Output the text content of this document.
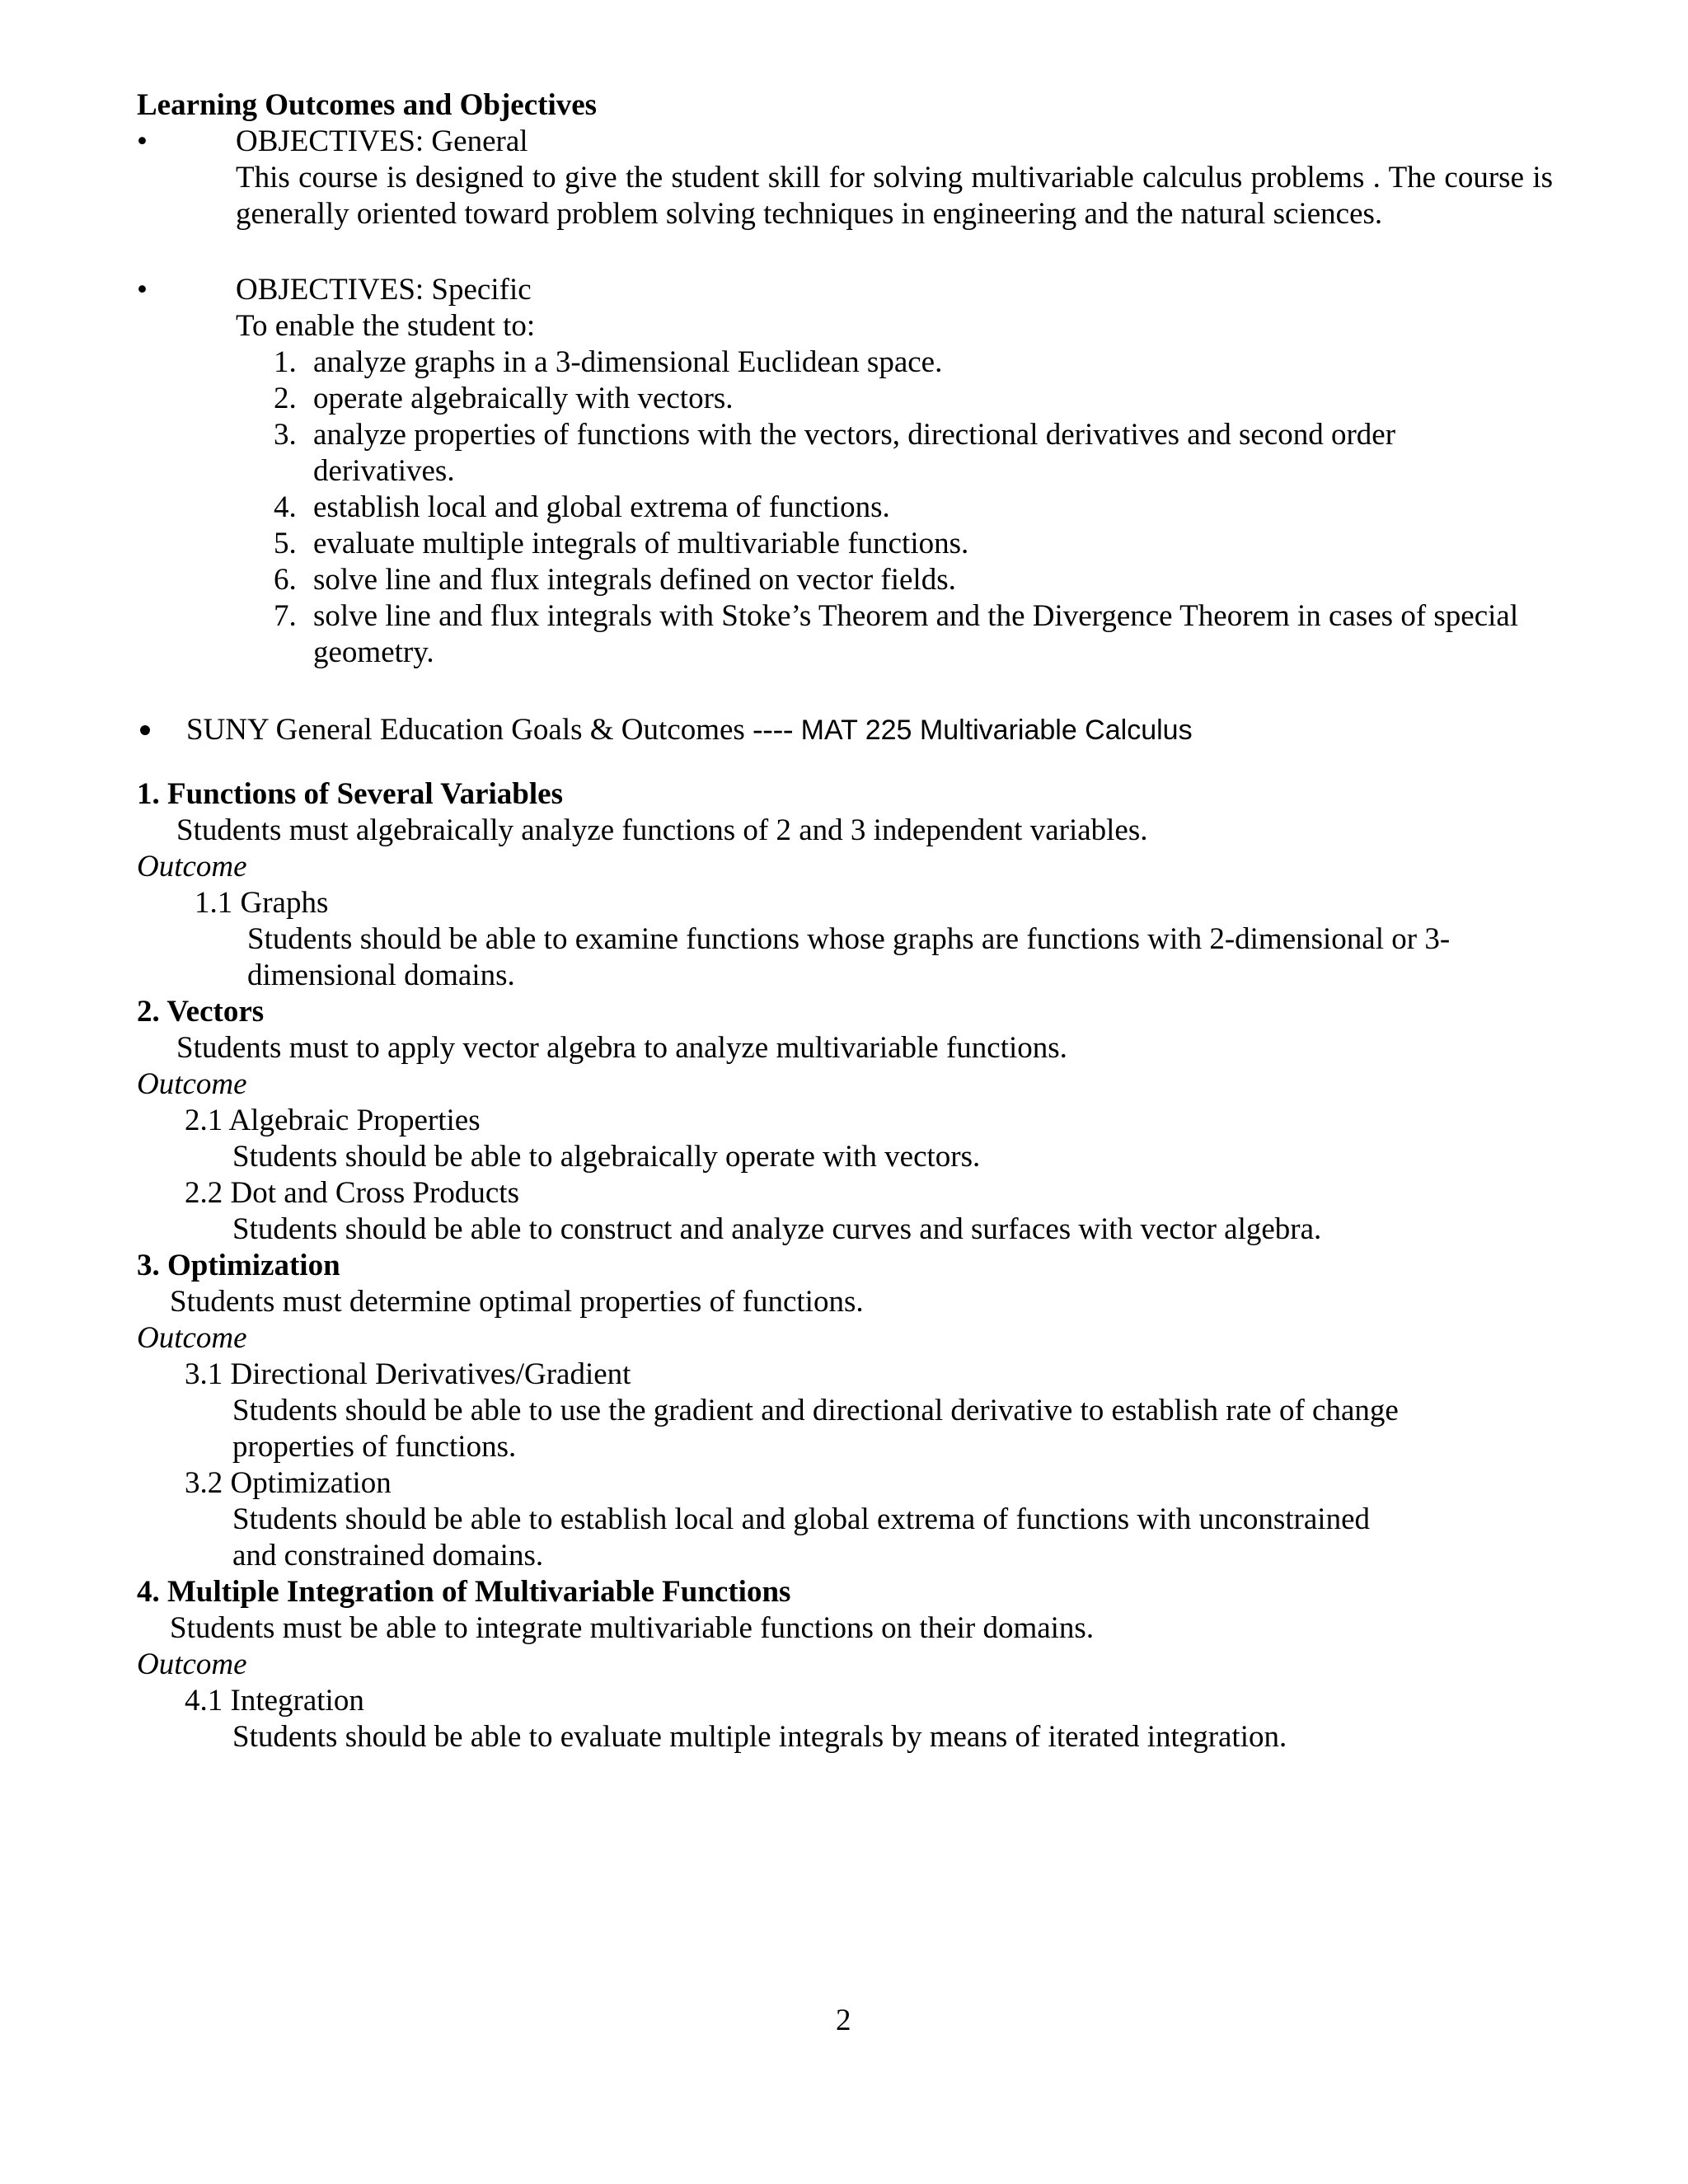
Learning Outcomes and Objectives
•	OBJECTIVES: General
This course is designed to give the student skill for solving multivariable calculus problems . The course is generally oriented toward problem solving techniques in engineering and the natural sciences.
•	OBJECTIVES: Specific
To enable the student to:
1. analyze graphs in a 3-dimensional Euclidean space.
2. operate algebraically with vectors.
3. analyze properties of functions with the vectors, directional derivatives and second order
derivatives.
4. establish local and global extrema of functions.
5. evaluate multiple integrals of multivariable functions.
6. solve line and flux integrals defined on vector fields.
7. solve line and flux integrals with Stoke’s Theorem and the Divergence Theorem in cases of special
geometry.
SUNY General Education Goals & Outcomes ---- MAT 225 Multivariable Calculus
1. Functions of Several Variables
Students must algebraically analyze functions of 2 and 3 independent variables.
Outcome
1.1 Graphs
Students should be able to examine functions whose graphs are functions with 2-dimensional or 3-
dimensional domains.
2. Vectors
Students must to apply vector algebra to analyze multivariable functions.
Outcome
2.1 Algebraic Properties
Students should be able to algebraically operate with vectors.
2.2 Dot and Cross Products
Students should be able to construct and analyze curves and surfaces with vector algebra.
3. Optimization
Students must determine optimal properties of functions.
Outcome
3.1 Directional Derivatives/Gradient
Students should be able to use the gradient and directional derivative to establish rate of change
properties of functions.
3.2 Optimization
Students should be able to establish local and global extrema of functions with unconstrained
and constrained domains.
4. Multiple Integration of Multivariable Functions
Students must be able to integrate multivariable functions on their domains.
Outcome
4.1 Integration
Students should be able to evaluate multiple integrals by means of iterated integration.
2
